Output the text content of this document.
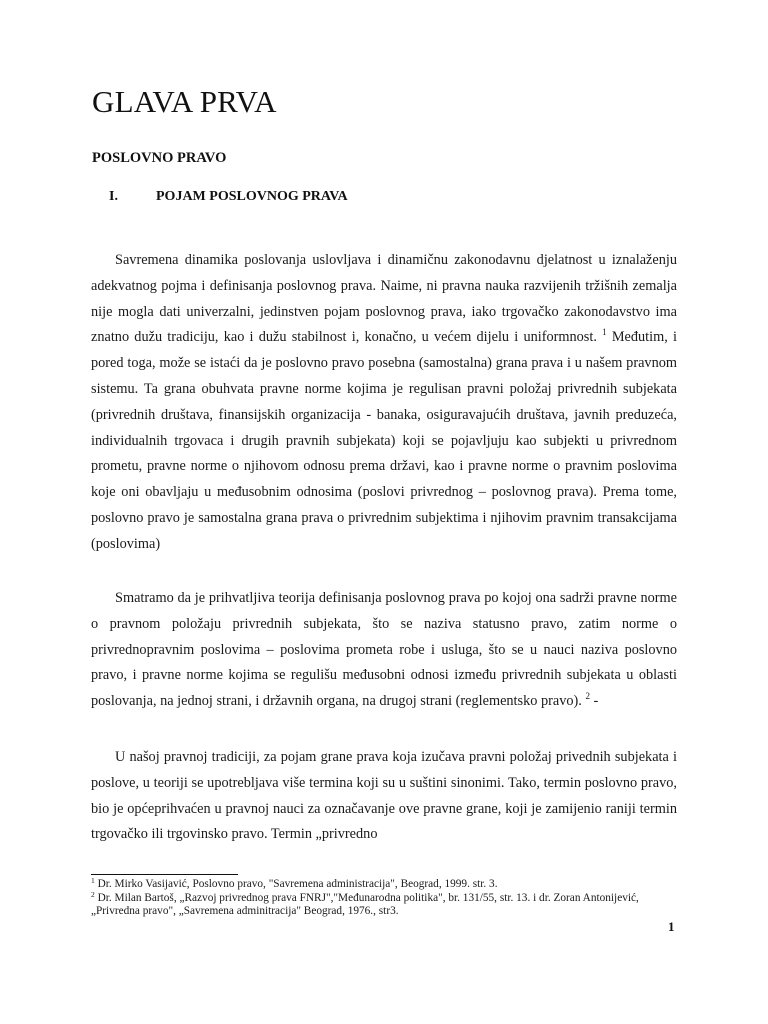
GLAVA PRVA
POSLOVNO PRAVO
I.	POJAM POSLOVNOG PRAVA

Savremena dinamika poslovanja uslovljava i dinamičnu zakonodavnu djelatnost u iznalaženju adekvatnog pojma i definisanja poslovnog prava. Naime, ni pravna nauka razvijenih tržišnih zemalja nije mogla dati univerzalni, jedinstven pojam poslovnog prava, iako trgovačko zakonodavstvo ima znatno dužu tradiciju, kao i dužu stabilnost i, konačno, u većem dijelu i uniformnost. $^1$ Međutim, i pored toga, može se istaći da je poslovno pravo posebna (samostalna) grana prava i u našem pravnom sistemu. Ta grana obuhvata pravne norme kojima je regulisan pravni položaj privrednih subjekata (privrednih društava, finansijskih organizacija - banaka, osiguravajućih društava, javnih preduzeća, individualnih trgovaca i drugih pravnih subjekata) koji se pojavljuju kao subjekti u privrednom prometu, pravne norme o njihovom odnosu prema državi, kao i pravne norme o pravnim poslovima koje oni obavljaju u međusobnim odnosima (poslovi privrednog – poslovnog prava). Prema tome, poslovno pravo je samostalna grana prava o privrednim subjektima i njihovim pravnim transakcijama (poslovima)

Smatramo da je prihvatljiva teorija definisanja poslovnog prava po kojoj ona sadrži pravne norme o pravnom položaju privrednih subjekata, što se naziva statusno pravo, zatim norme o privrednopravnim poslovima – poslovima prometa robe i usluga, što se u nauci naziva poslovno pravo, i pravne norme kojima se regulišu međusobni odnosi između privrednih subjekata u oblasti poslovanja, na jednoj strani, i državnih organa, na drugoj strani (reglementsko pravo). $^2$ -

U našoj pravnoj tradiciji, za pojam grane prava koja izučava pravni položaj privednih subjekata i poslove, u teoriji se upotrebljava više termina koji su u suštini sinonimi. Tako, termin poslovno pravo, bio je općeprihvaćen u pravnoj nauci za označavanje ove pravne grane, koji je zamijenio raniji termin trgovačko ili trgovinsko pravo. Termin „privredno

$^1$ Dr. Mirko Vasijavić, Poslovno pravo, "Savremena administracija", Beograd, 1999. str. 3.

$^2$ Dr. Milan Bartoš, „Razvoj privrednog prava FNRJ","Međunarodna politika", br. 131/55, str. 13. i dr. Zoran Antonijević, „Privredna pravo", „Savremena adminitracija" Beograd, 1976., str3.

1
